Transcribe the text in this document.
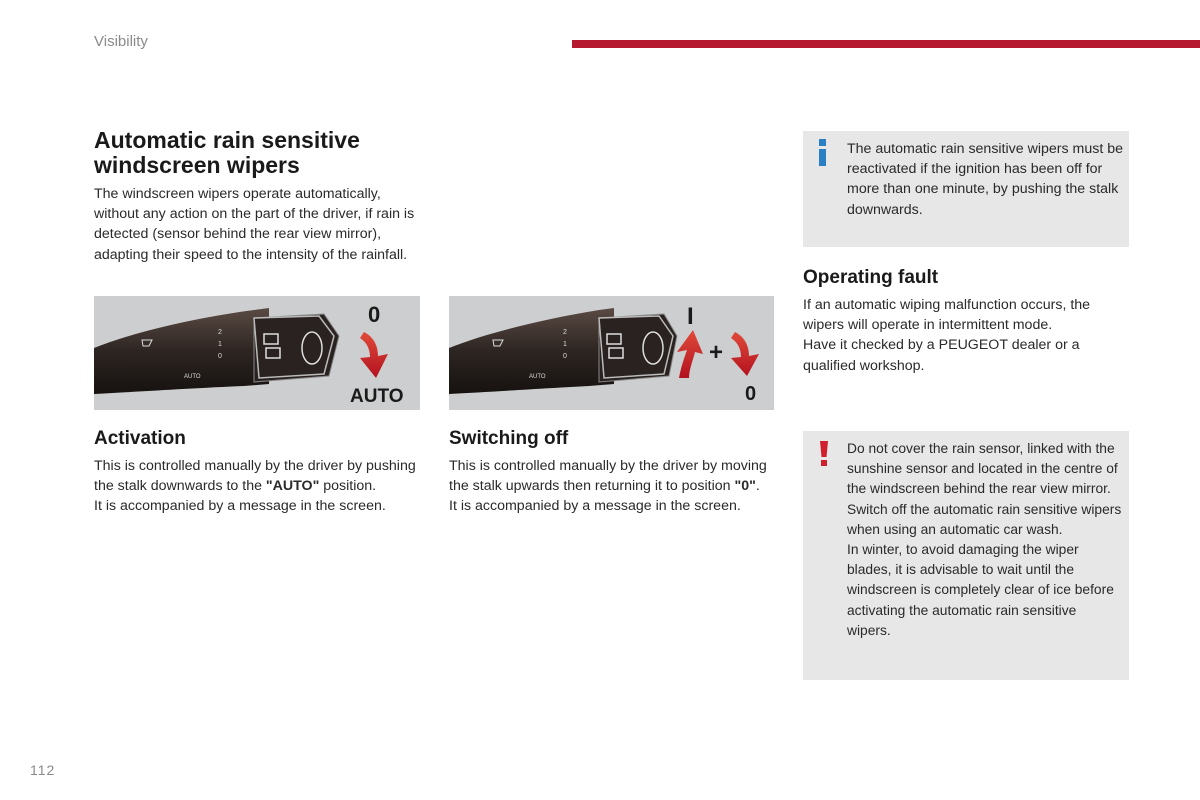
Visibility
Automatic rain sensitive
windscreen wipers

The windscreen wipers operate automatically, without any action on the part of the driver, if rain is detected (sensor behind the rear view mirror), adapting their speed to the intensity of the rainfall.

2
1
0
AUTO
0
AUTO
2
1
0
AUTO
I
+
0
Activation

This is controlled manually by the driver by pushing the stalk downwards to the "AUTO" position.
It is accompanied by a message in the screen.

Switching off

This is controlled manually by the driver by moving the stalk upwards then returning it to position "0".
It is accompanied by a message in the screen.

The automatic rain sensitive wipers must be reactivated if the ignition has been off for more than one minute, by pushing the stalk downwards.
Operating fault

If an automatic wiping malfunction occurs, the wipers will operate in intermittent mode.
Have it checked by a PEUGEOT dealer or a qualified workshop.

Do not cover the rain sensor, linked with the sunshine sensor and located in the centre of the windscreen behind the rear view mirror.
Switch off the automatic rain sensitive wipers when using an automatic car wash.
In winter, to avoid damaging the wiper blades, it is advisable to wait until the windscreen is completely clear of ice before activating the automatic rain sensitive wipers.
112
